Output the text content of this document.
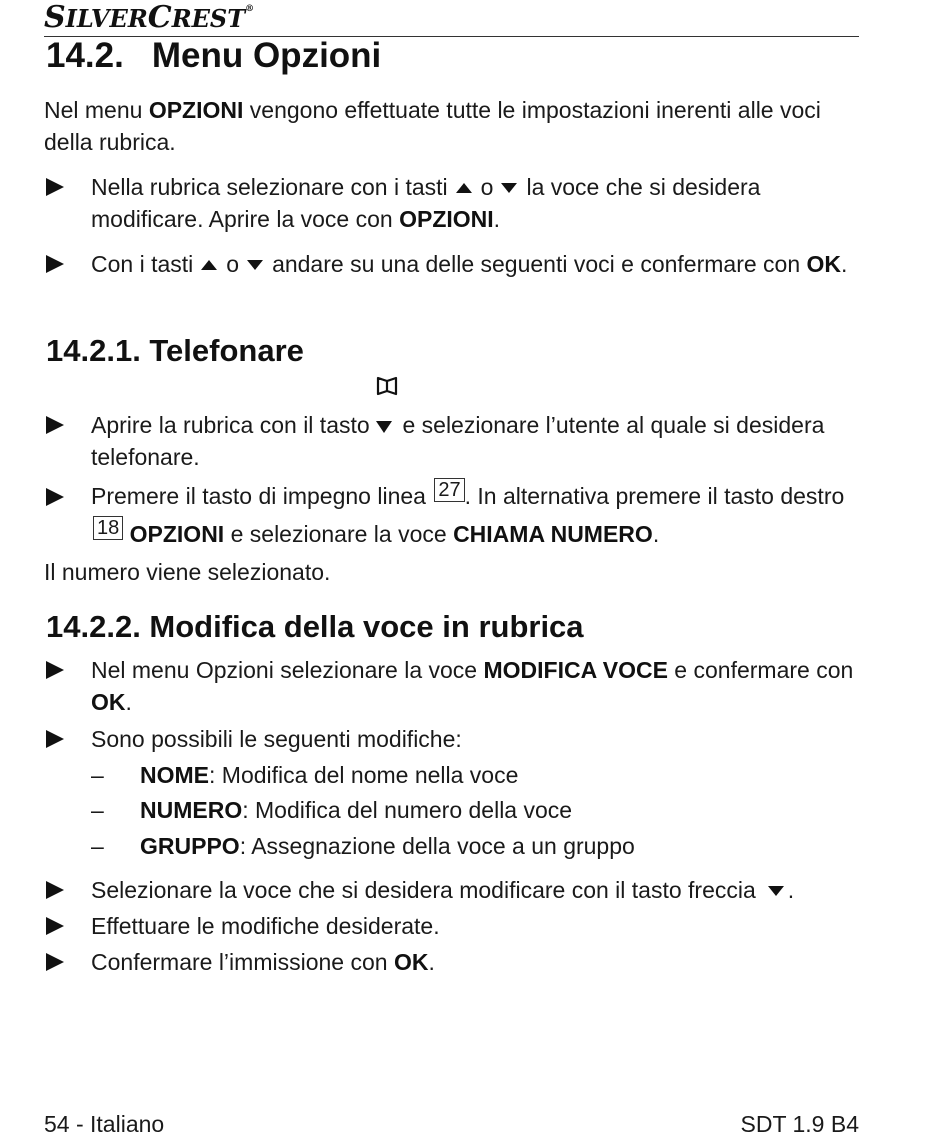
SILVERCREST®
14.2. Menu Opzioni
Nel menu OPZIONI vengono effettuate tutte le impostazioni inerenti alle voci della rubrica.
Nella rubrica selezionare con i tasti o la voce che si desidera modificare. Aprire la voce con OPZIONI.
Con i tasti o andare su una delle seguenti voci e confermare con OK.
14.2.1. Telefonare
Aprire la rubrica con il tasto
e selezionare l’utente al quale si desidera telefonare.
Premere il tasto di impegno linea 27 . In alternativa premere il tasto destro 18 OPZIONI e selezionare la voce CHIAMA NUMERO.
Il numero viene selezionato.
14.2.2. Modifica della voce in rubrica
Nel menu Opzioni selezionare la voce MODIFICA VOCE e confermare con OK.
Sono possibili le seguenti modifiche:
– NOME: Modifica del nome nella voce
– NUMERO: Modifica del numero della voce
– GRUPPO: Assegnazione della voce a un gruppo
Selezionare la voce che si desidera modificare con il tasto freccia .
Effettuare le modifiche desiderate.
Confermare l’immissione con OK.
54 - Italiano	SDT 1.9 B4
